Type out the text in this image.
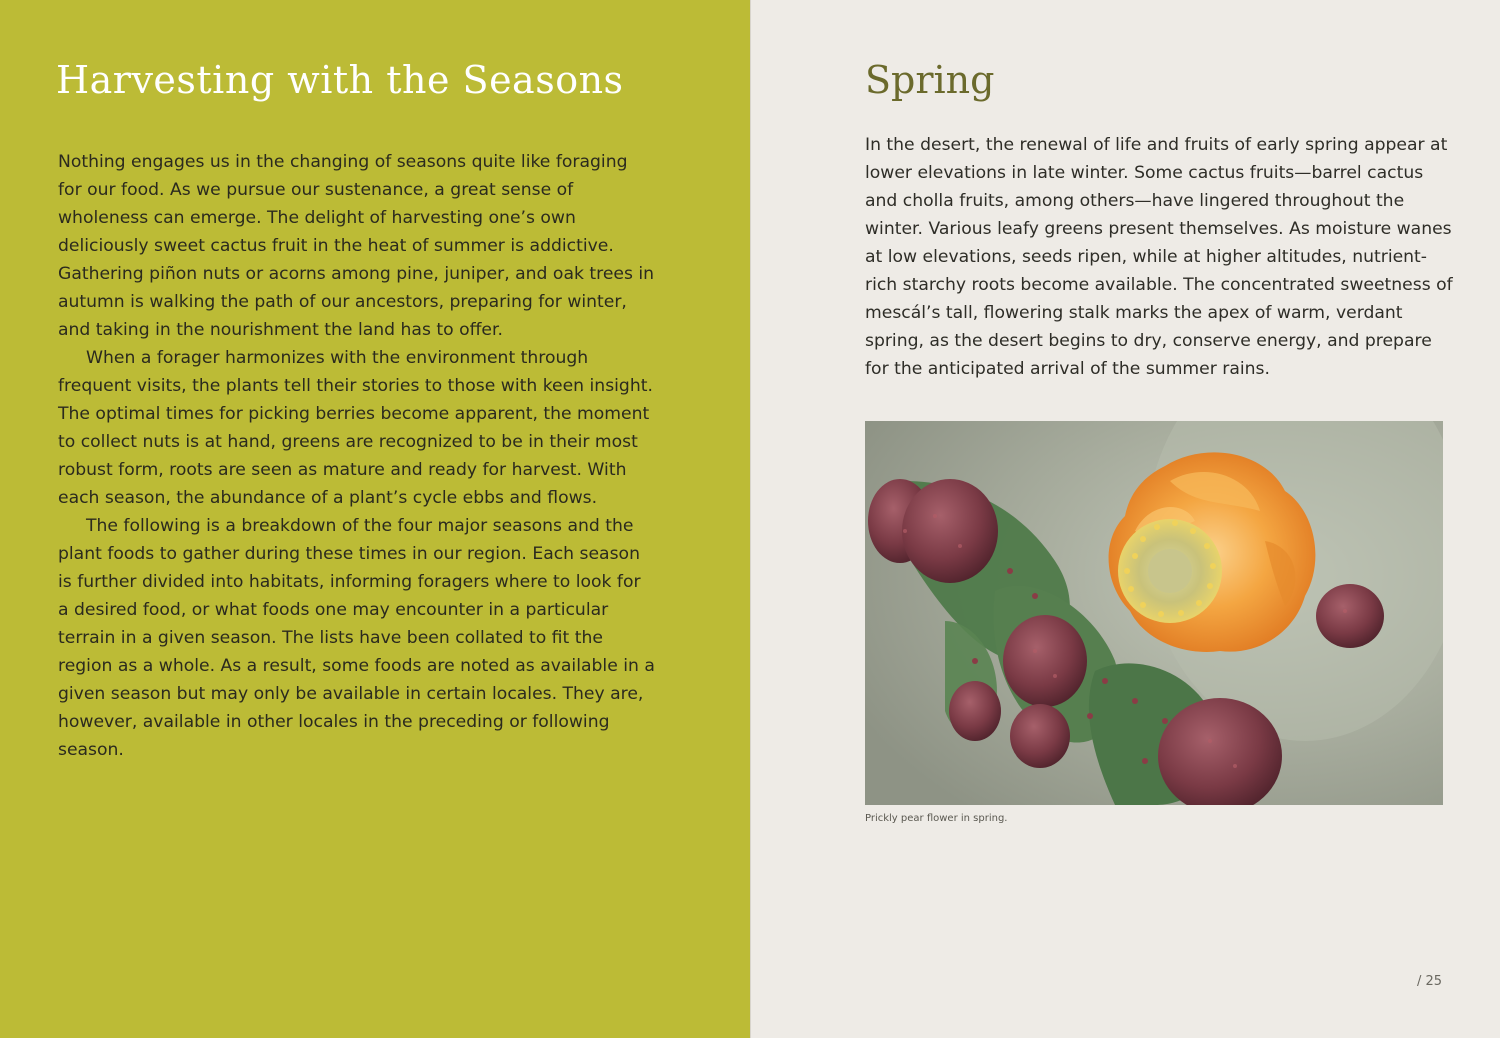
Harvesting with the Seasons

Nothing engages us in the changing of seasons quite like foraging for our food. As we pursue our sustenance, a great sense of wholeness can emerge. The delight of harvesting one’s own deliciously sweet cactus fruit in the heat of summer is addictive. Gathering piñon nuts or acorns among pine, juniper, and oak trees in autumn is walking the path of our ancestors, preparing for winter, and taking in the nourishment the land has to offer.

When a forager harmonizes with the environment through frequent visits, the plants tell their stories to those with keen insight. The optimal times for picking berries become apparent, the moment to collect nuts is at hand, greens are recognized to be in their most robust form, roots are seen as mature and ready for harvest. With each season, the abundance of a plant’s cycle ebbs and flows.

The following is a breakdown of the four major seasons and the plant foods to gather during these times in our region. Each season is further divided into habitats, informing foragers where to look for a desired food, or what foods one may encounter in a particular terrain in a given season. The lists have been collated to fit the region as a whole. As a result, some foods are noted as available in a given season but may only be available in certain locales. They are, however, available in other locales in the preceding or following season.

Spring

In the desert, the renewal of life and fruits of early spring appear at lower elevations in late winter. Some cactus fruits—barrel cactus and cholla fruits, among others—have lingered throughout the winter. Various leafy greens present themselves. As moisture wanes at low elevations, seeds ripen, while at higher altitudes, nutrient-rich starchy roots become available. The concentrated sweetness of mescál’s tall, flowering stalk marks the apex of warm, verdant spring, as the desert begins to dry, conserve energy, and prepare for the anticipated arrival of the summer rains.

Prickly pear flower in spring.

/ 25
